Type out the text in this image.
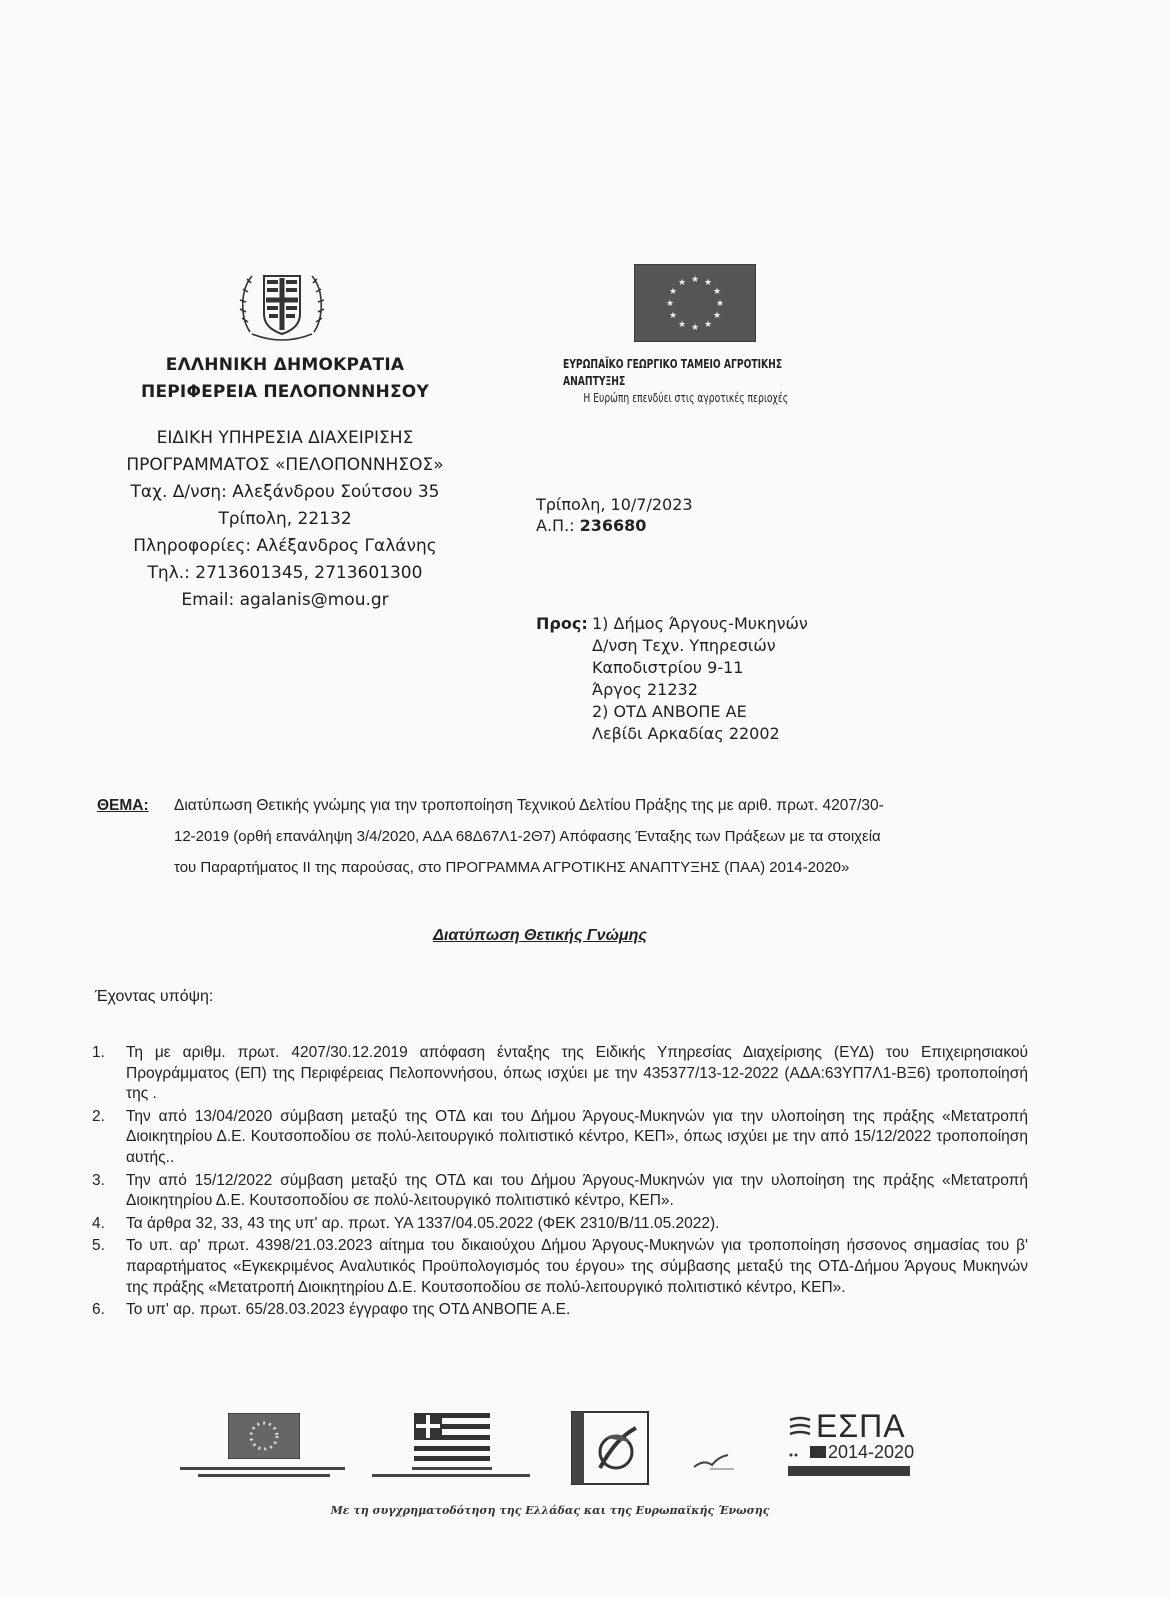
★ ★
★
★
★
★
★
★
★
★
★
★
ΕΥΡΩΠΑΪΚΟ ΓΕΩΡΓΙΚΟ ΤΑΜΕΙΟ ΑΓΡΟΤΙΚΗΣ ΑΝΑΠΤΥΞΗΣ
Η Ευρώπη επενδύει στις αγροτικές περιοχές
ΕΛΛΗΝΙΚΗ ΔΗΜΟΚΡΑΤΙΑ
ΠΕΡΙΦΕΡΕΙΑ ΠΕΛΟΠΟΝΝΗΣΟΥ
ΕΙΔΙΚΗ ΥΠΗΡΕΣΙΑ ΔΙΑΧΕΙΡΙΣΗΣ
ΠΡΟΓΡΑΜΜΑΤΟΣ «ΠΕΛΟΠΟΝΝΗΣΟΣ»
Ταχ. Δ/νση: Αλεξάνδρου Σούτσου 35
Τρίπολη, 22132
Πληροφορίες: Αλέξανδρος Γαλάνης
Τηλ.: 2713601345, 2713601300
Email: agalanis@mou.gr
Τρίπολη, 10/7/2023
Α.Π.: 236680
Προς: 1) Δήμος Άργους-Μυκηνών
Δ/νση Τεχν. Υπηρεσιών
Καποδιστρίου 9-11
Άργος 21232
2) ΟΤΔ ΑΝΒΟΠΕ ΑΕ
Λεβίδι Αρκαδίας 22002
ΘΕΜΑ: Διατύπωση Θετικής γνώμης για την τροποποίηση Τεχνικού Δελτίου Πράξης της με αριθ. πρωτ. 4207/30-
12-2019 (ορθή επανάληψη 3/4/2020, ΑΔΑ 68Δ67Λ1-2Θ7) Απόφασης Ένταξης των Πράξεων με τα στοιχεία
του Παραρτήματος ΙΙ της παρούσας, στο ΠΡΟΓΡΑΜΜΑ ΑΓΡΟΤΙΚΗΣ ΑΝΑΠΤΥΞΗΣ (ΠΑΑ) 2014-2020»
Διατύπωση Θετικής Γνώμης
Έχοντας υπόψη:
1. Τη με αριθμ. πρωτ. 4207/30.12.2019 απόφαση ένταξης της Ειδικής Υπηρεσίας Διαχείρισης (ΕΥΔ) του Επιχειρησιακού Προγράμματος (ΕΠ) της Περιφέρειας Πελοποννήσου, όπως ισχύει με την 435377/13-12-2022 (ΑΔΑ:63ΥΠ7Λ1-ΒΞ6) τροποποίησή της .
2. Την από 13/04/2020 σύμβαση μεταξύ της ΟΤΔ και του Δήμου Άργους-Μυκηνών για την υλοποίηση της πράξης «Μετατροπή Διοικητηρίου Δ.Ε. Κουτσοποδίου σε πολύ-λειτουργικό πολιτιστικό κέντρο, ΚΕΠ», όπως ισχύει με την από 15/12/2022 τροποποίηση αυτής..
3. Την από 15/12/2022 σύμβαση μεταξύ της ΟΤΔ και του Δήμου Άργους-Μυκηνών για την υλοποίηση της πράξης «Μετατροπή Διοικητηρίου Δ.Ε. Κουτσοποδίου σε πολύ-λειτουργικό πολιτιστικό κέντρο, ΚΕΠ».
4. Τα άρθρα 32, 33, 43 της υπ' αρ. πρωτ. ΥΑ 1337/04.05.2022 (ΦΕΚ 2310/Β/11.05.2022).
5. Το υπ. αρ' πρωτ. 4398/21.03.2023 αίτημα του δικαιούχου Δήμου Άργους-Μυκηνών για τροποποίηση ήσσονος σημασίας του β' παραρτήματος «Εγκεκριμένος Αναλυτικός Προϋπολογισμός του έργου» της σύμβασης μεταξύ της ΟΤΔ-Δήμου Άργους Μυκηνών της πράξης «Μετατροπή Διοικητηρίου Δ.Ε. Κουτσοποδίου σε πολύ-λειτουργικό πολιτιστικό κέντρο, ΚΕΠ».
6. Το υπ' αρ. πρωτ. 65/28.03.2023 έγγραφο της ΟΤΔ ΑΝΒΟΠΕ Α.Ε.
ΕΣΠΑ
2014-2020
Με τη συγχρηματοδότηση της Ελλάδας και της Ευρωπαϊκής Ένωσης
